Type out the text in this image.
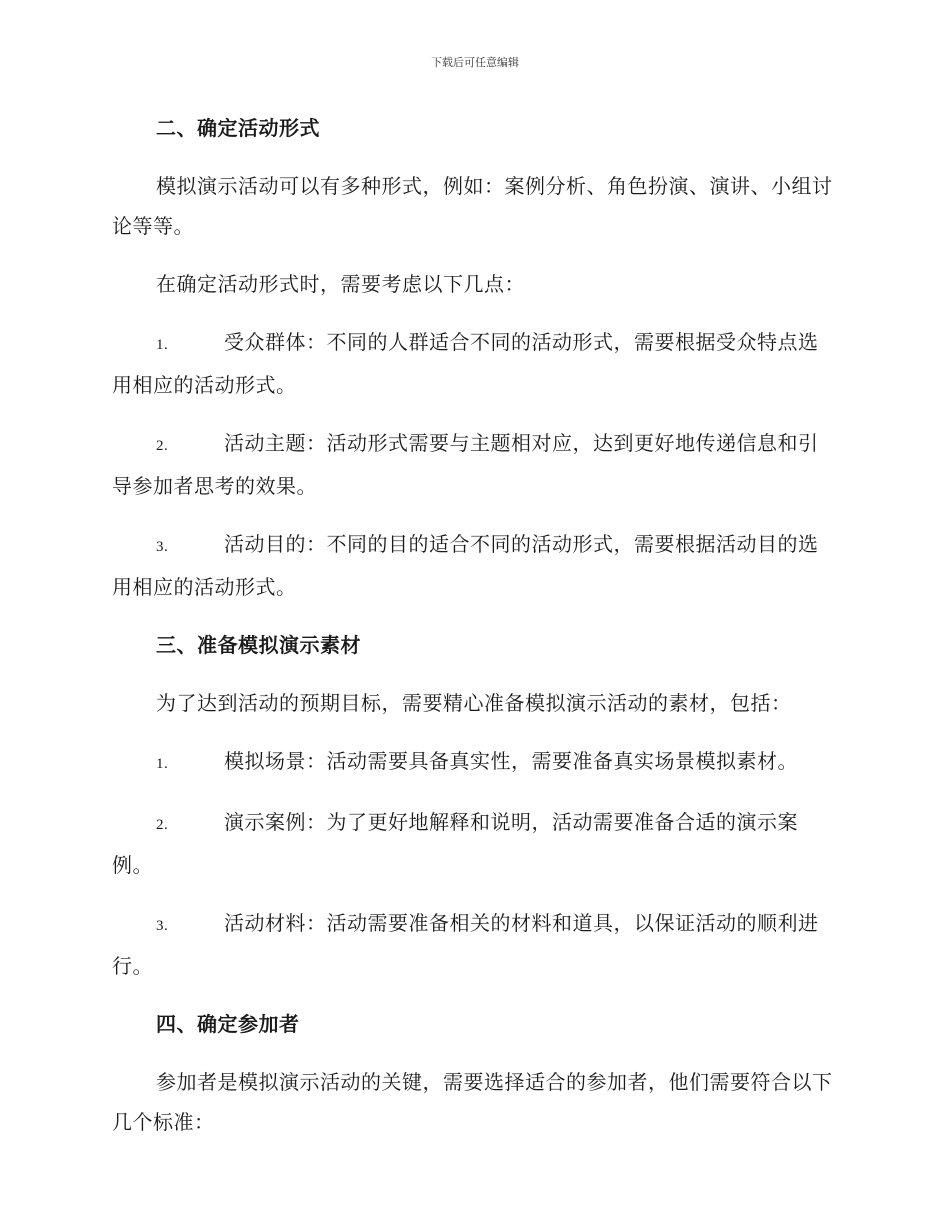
下载后可任意编辑
二、确定活动形式

模拟演示活动可以有多种形式，例如：案例分析、角色扮演、演讲、小组讨论等等。

在确定活动形式时，需要考虑以下几点：

1.	受众群体：不同的人群适合不同的活动形式，需要根据受众特点选用相应的活动形式。

2.	活动主题：活动形式需要与主题相对应，达到更好地传递信息和引导参加者思考的效果。

3.	活动目的：不同的目的适合不同的活动形式，需要根据活动目的选用相应的活动形式。

三、准备模拟演示素材

为了达到活动的预期目标，需要精心准备模拟演示活动的素材，包括：

1.	模拟场景：活动需要具备真实性，需要准备真实场景模拟素材。

2.	演示案例：为了更好地解释和说明，活动需要准备合适的演示案例。

3.	活动材料：活动需要准备相关的材料和道具，以保证活动的顺利进行。

四、确定参加者

参加者是模拟演示活动的关键，需要选择适合的参加者，他们需要符合以下几个标准：
